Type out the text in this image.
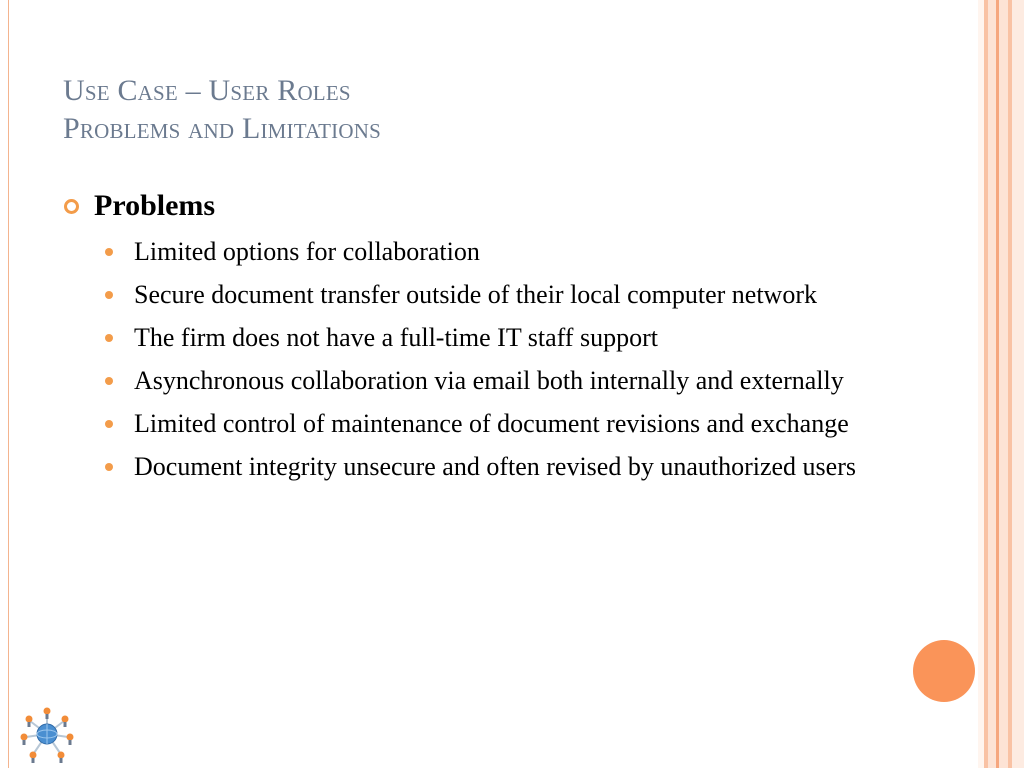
Use Case – User Roles
Problems and Limitations
Problems
Limited options for collaboration
Secure document transfer outside of their local computer network
The firm does not have a full-time IT staff support
Asynchronous collaboration via email both internally and externally
Limited control of maintenance of document revisions and exchange
Document integrity unsecure and often revised by unauthorized users
